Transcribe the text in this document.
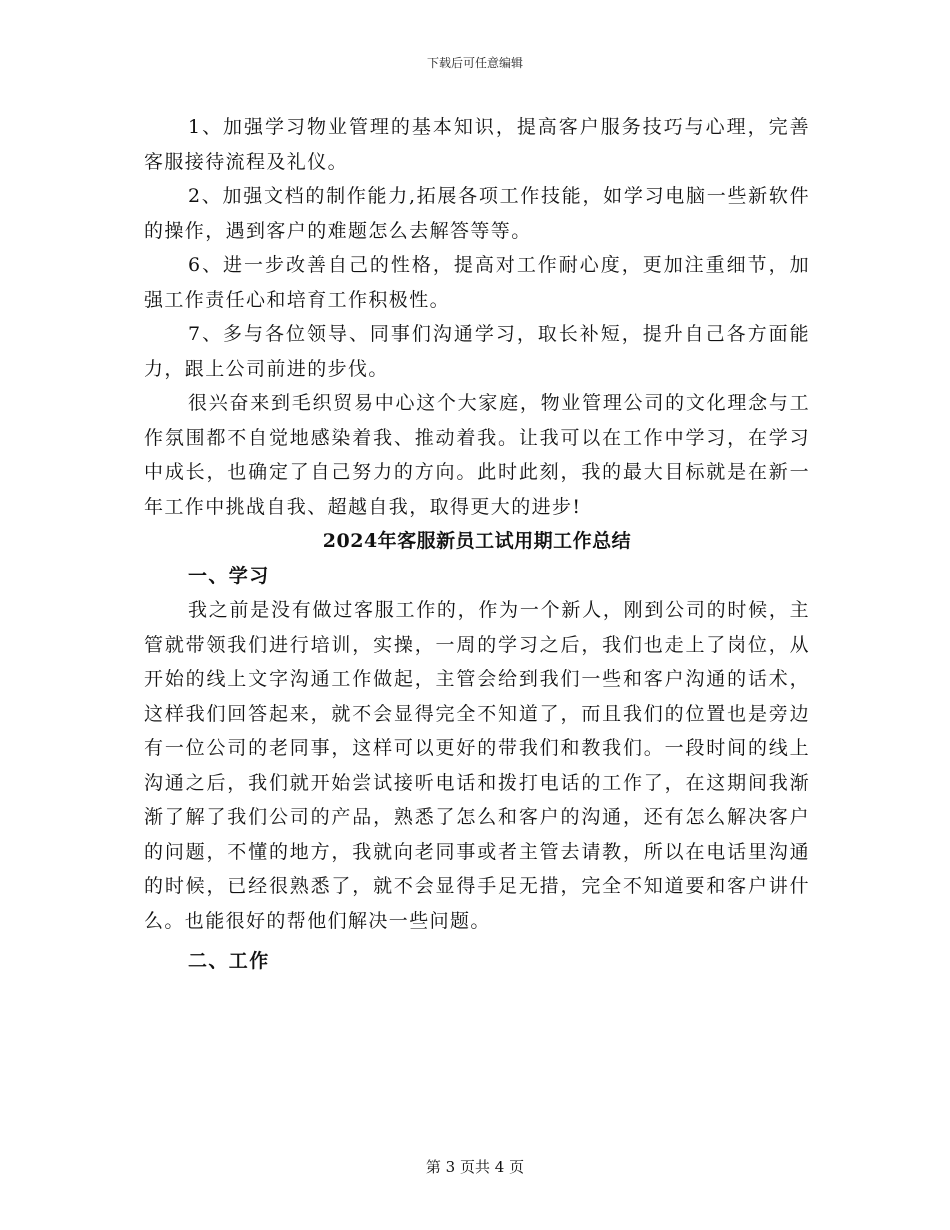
下载后可任意编辑

1、加强学习物业管理的基本知识，提高客户服务技巧与心理，完善客服接待流程及礼仪。

2、加强文档的制作能力,拓展各项工作技能，如学习电脑一些新软件的操作，遇到客户的难题怎么去解答等等。

6、进一步改善自己的性格，提高对工作耐心度，更加注重细节，加强工作责任心和培育工作积极性。

7、多与各位领导、同事们沟通学习，取长补短，提升自己各方面能力，跟上公司前进的步伐。

很兴奋来到毛织贸易中心这个大家庭，物业管理公司的文化理念与工作氛围都不自觉地感染着我、推动着我。让我可以在工作中学习，在学习中成长，也确定了自己努力的方向。此时此刻，我的最大目标就是在新一年工作中挑战自我、超越自我，取得更大的进步!

2024年客服新员工试用期工作总结

一、学习

我之前是没有做过客服工作的，作为一个新人，刚到公司的时候，主管就带领我们进行培训，实操，一周的学习之后，我们也走上了岗位，从开始的线上文字沟通工作做起，主管会给到我们一些和客户沟通的话术，这样我们回答起来，就不会显得完全不知道了，而且我们的位置也是旁边有一位公司的老同事，这样可以更好的带我们和教我们。一段时间的线上沟通之后，我们就开始尝试接听电话和拨打电话的工作了，在这期间我渐渐了解了我们公司的产品，熟悉了怎么和客户的沟通，还有怎么解决客户的问题，不懂的地方，我就向老同事或者主管去请教，所以在电话里沟通的时候，已经很熟悉了，就不会显得手足无措，完全不知道要和客户讲什么。也能很好的帮他们解决一些问题。

二、工作

第 3 页共 4 页
